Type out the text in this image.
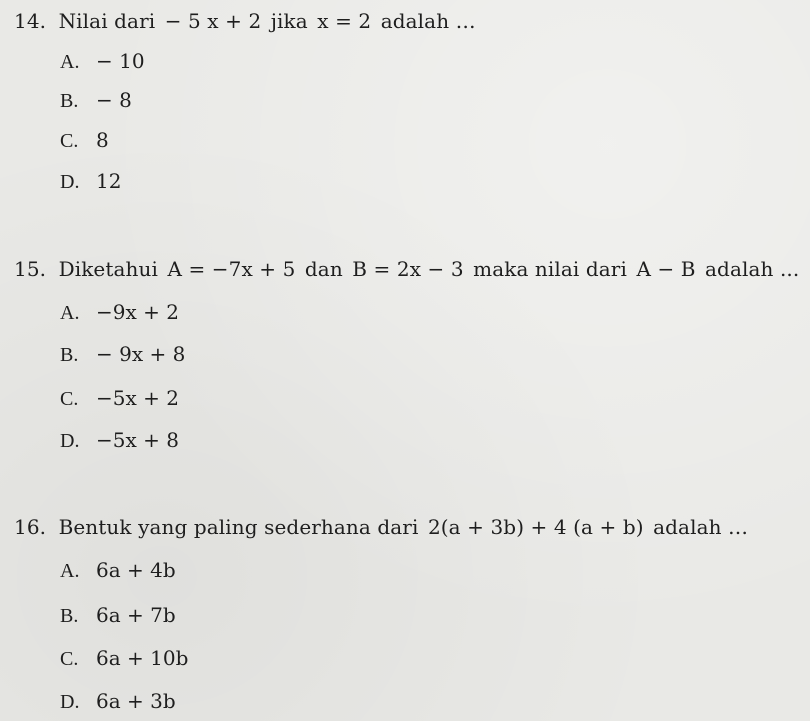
14. Nilai dari − 5 x + 2 jika x = 2 adalah …
A. − 10
B. − 8
C. 8
D. 12
15. Diketahui A = −7x + 5 dan B = 2x − 3 maka nilai dari A − B adalah ...
A. −9x + 2
B. − 9x + 8
C. −5x + 2
D. −5x + 8
16. Bentuk yang paling sederhana dari 2(a + 3b) + 4 (a + b) adalah …
A. 6a + 4b
B. 6a + 7b
C. 6a + 10b
D. 6a + 3b
